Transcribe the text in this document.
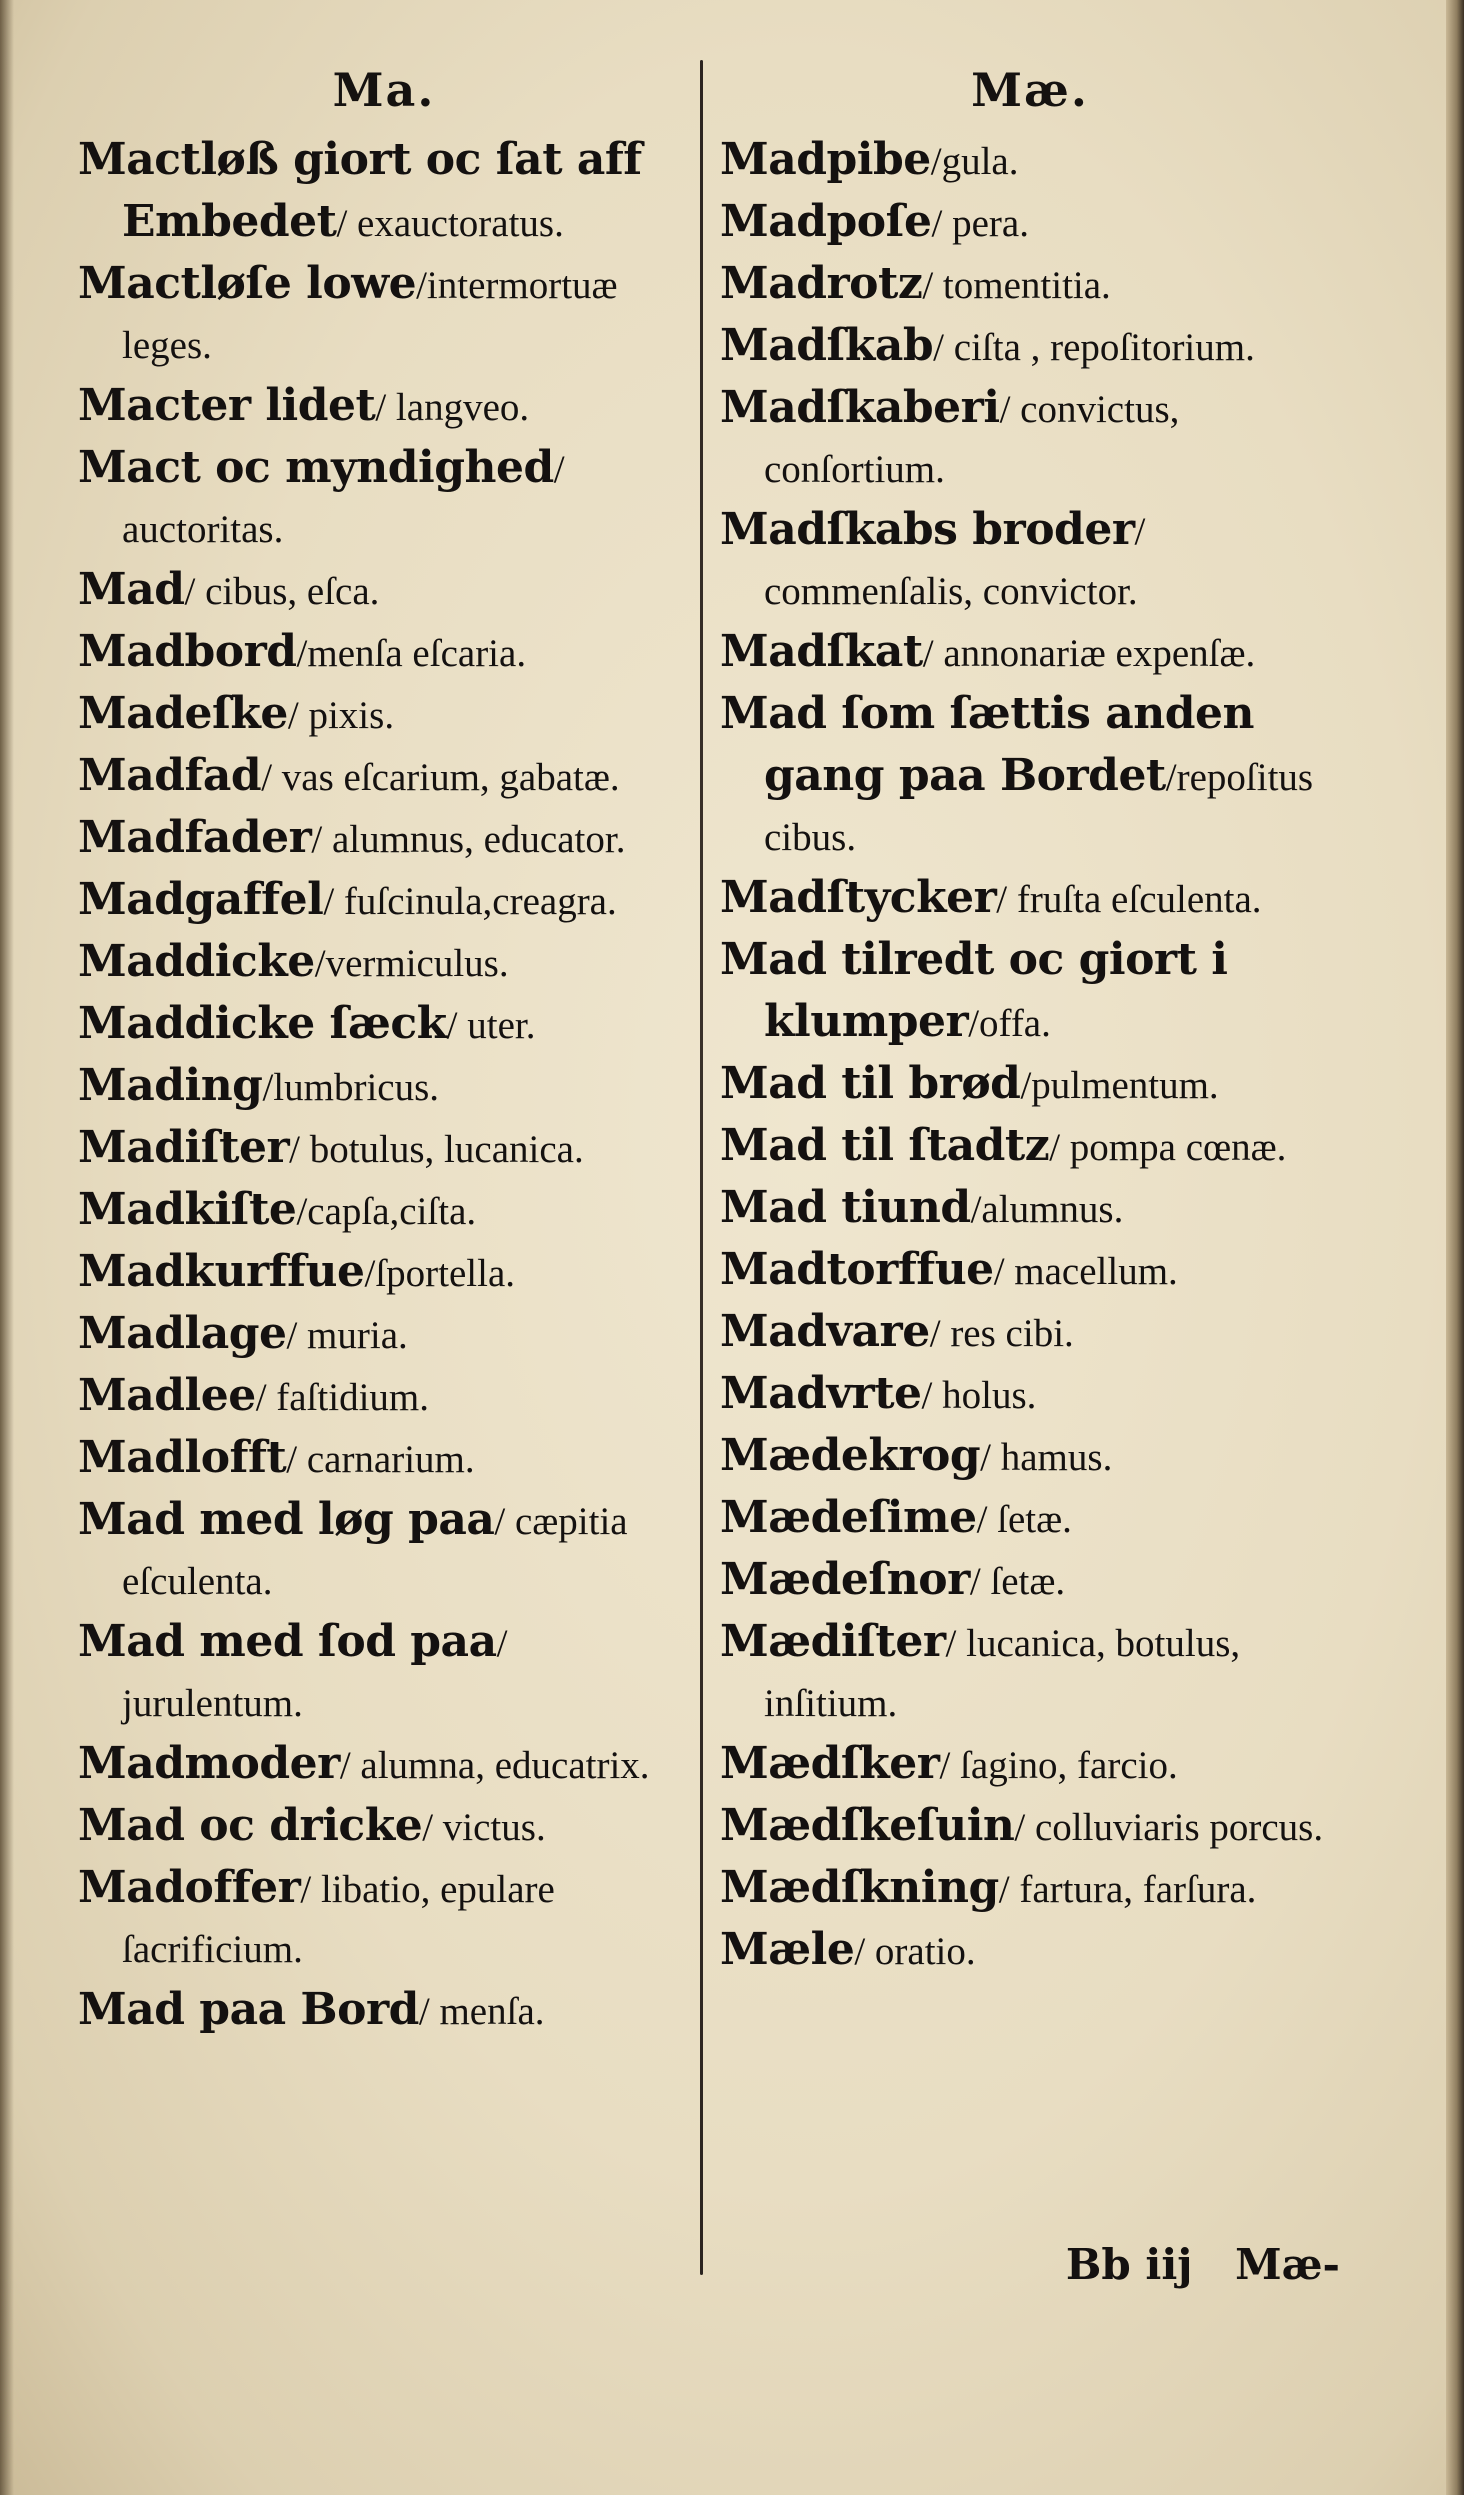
Ma.
Mactløß giort oc ſat aff Embedet/ exauctoratus.
Mactløſe lowe/intermortuæ leges.
Macter lidet/ langveo.
Mact oc myndighed/ auctoritas.
Mad/ cibus, eſca.
Madbord/menſa eſcaria.
Madeſke/ pixis.
Madfad/ vas eſcarium, gabatæ.
Madfader/ alumnus, educator.
Madgaffel/ fuſcinula,creagra.
Maddicke/vermiculus.
Maddicke ſæck/ uter.
Mading/lumbricus.
Madiſter/ botulus, lucanica.
Madkiſte/capſa,ciſta.
Madkurffue/ſportella.
Madlage/ muria.
Madlee/ faſtidium.
Madlofft/ carnarium.
Mad med løg paa/ cæpitia eſculenta.
Mad med ſod paa/ jurulentum.
Madmoder/ alumna, educatrix.
Mad oc dricke/ victus.
Madoffer/ libatio, epulare ſacrificium.
Mad paa Bord/ menſa.
Mæ.
Madpibe/gula.
Madpoſe/ pera.
Madrotz/ tomentitia.
Madſkab/ ciſta , repoſitorium.
Madſkaberi/ convictus, conſortium.
Madſkabs broder/ commenſalis, convictor.
Madſkat/ annonariæ expenſæ.
Mad ſom ſættis anden gang paa Bordet/repoſitus cibus.
Madſtycker/ fruſta eſculenta.
Mad tilredt oc giort i klumper/offa.
Mad til brød/pulmentum.
Mad til ſtadtz/ pompa cœnæ.
Mad tiund/alumnus.
Madtorffue/ macellum.
Madvare/ res cibi.
Madvrte/ holus.
Mædekrog/ hamus.
Mædeſime/ ſetæ.
Mædeſnor/ ſetæ.
Mædiſter/ lucanica, botulus, inſitium.
Mædſker/ ſagino, farcio.
Mædſkeſuin/ colluviaris porcus.
Mædſkning/ fartura, farſura.
Mæle/ oratio.
Bb iij Mæ-
